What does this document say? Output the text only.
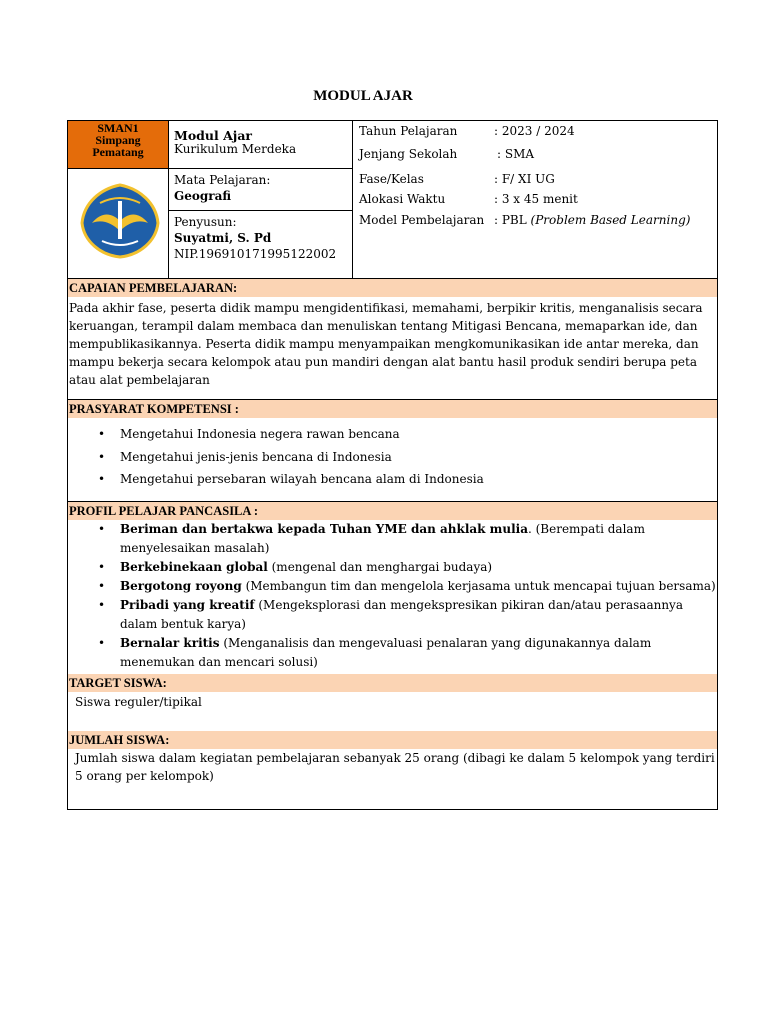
MODUL AJAR
SMAN1 Simpang Pematang
Modul Ajar
Kurikulum Merdeka
Mata Pelajaran:
Geografi
Penyusun:
Suyatmi, S. Pd
NIP.196910171995122002
Tahun Pelajaran	: 2023 / 2024
Jenjang Sekolah	: SMA
Fase/Kelas	: F/ XI UG
Alokasi Waktu	: 3 x 45 menit
Model Pembelajaran : PBL (Problem Based Learning)
CAPAIAN PEMBELAJARAN:
Pada akhir fase, peserta didik mampu mengidentifikasi, memahami, berpikir kritis, menganalisis secara
keruangan, terampil dalam membaca dan menuliskan tentang Mitigasi Bencana, memaparkan ide, dan
mempublikasikannya. Peserta didik mampu menyampaikan mengkomunikasikan ide antar mereka, dan
mampu bekerja secara kelompok atau pun mandiri dengan alat bantu hasil produk sendiri berupa peta
atau alat pembelajaran
PRASYARAT KOMPETENSI :
• Mengetahui Indonesia negera rawan bencana
• Mengetahui jenis-jenis bencana di Indonesia
• Mengetahui persebaran wilayah bencana alam di Indonesia
PROFIL PELAJAR PANCASILA :
• Beriman dan bertakwa kepada Tuhan YME dan ahklak mulia. (Berempati dalam
menyelesaikan masalah)
• Berkebinekaan global (mengenal dan menghargai budaya)
• Bergotong royong (Membangun tim dan mengelola kerjasama untuk mencapai tujuan bersama)
• Pribadi yang kreatif (Mengeksplorasi dan mengekspresikan pikiran dan/atau perasaannya
dalam bentuk karya)
• Bernalar kritis (Menganalisis dan mengevaluasi penalaran yang digunakannya dalam
menemukan dan mencari solusi)
TARGET SISWA:
Siswa reguler/tipikal
JUMLAH SISWA:
Jumlah siswa dalam kegiatan pembelajaran sebanyak 25 orang (dibagi ke dalam 5 kelompok yang terdiri
5 orang per kelompok)
